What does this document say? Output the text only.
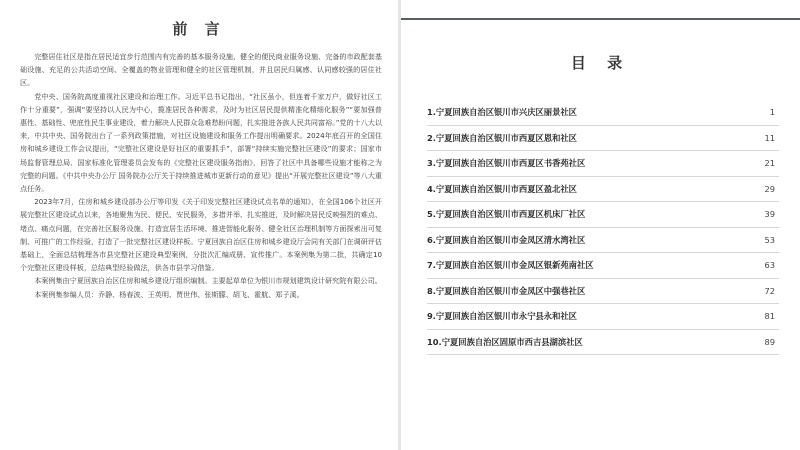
前 言

完整居住社区是指在居民适宜步行范围内有完善的基本服务设施、健全的便民商业服务设施、完备的市政配套基础设施、充足的公共活动空间、全覆盖的物业管理和健全的社区管理机制，并且居民归属感、认同感较强的居住社区。

党中央、国务院高度重视社区建设和治理工作。习近平总书记指出，“社区虽小，但连着千家万户，做好社区工作十分重要”，强调“要坚持以人民为中心，揽准居民各种需求，及时为社区居民提供精准化精细化服务”“要加强普惠性、基础性、兜底性民生事业建设，着力解决人民群众急难愁盼问题，扎实推进各族人民共同富裕。”党的十八大以来，中共中央、国务院出台了一系列政策措施，对社区设施建设和服务工作提出明确要求。2024年底召开的全国住房和城乡建设工作会议提出，“完整社区建设是好社区的重要抓手”，部署“持续实施完整社区建设”的要求；国家市场监督管理总局、国家标准化管理委员会发布的《完整社区建设服务指南》，回答了社区中具备哪些设施才能称之为完整的问题。《中共中央办公厅 国务院办公厅关于持续推进城市更新行动的意见》提出“开展完整社区建设”等八大重点任务。

2023年7月，住房和城乡建设部办公厅等印发《关于印发完整社区建设试点名单的通知》，在全国106个社区开展完整社区建设试点以来，各地聚焦为民、便民、安民服务，多措并举、扎实推进，及时解决居民反映强烈的难点、堵点、痛点问题，在完善社区服务设施、打造宜居生活环境、推进智能化服务、健全社区治理机制等方面探索出可复制、可推广的工作经验，打造了一批完整社区建设样板。宁夏回族自治区住房和城乡建设厅会同有关部门在调研评估基础上，全面总结梳理各市县完整社区建设典型案例，分批次汇编成册、宣传推广。本案例集为第二批，共确定10个完整社区建设样板，总结典型经验做法，供各市县学习借鉴。

本案例集由宁夏回族自治区住房和城乡建设厅组织编制。主要起草单位为银川市规划建筑设计研究院有限公司。

本案例集参编人员：乔静、杨春波、王英明、贾世伟、张斯朦、胡飞、霍航、郑子溪。

目 录
1.宁夏回族自治区银川市兴庆区丽景社区	1
2.宁夏回族自治区银川市西夏区恩和社区	11
3.宁夏回族自治区银川市西夏区书香苑社区	21
4.宁夏回族自治区银川市西夏区盈北社区	29
5.宁夏回族自治区银川市西夏区机床厂社区	39
6.宁夏回族自治区银川市金凤区清水湾社区	53
7.宁夏回族自治区银川市金凤区银新苑南社区	63
8.宁夏回族自治区银川市金凤区中强巷社区	72
9.宁夏回族自治区银川市永宁县永和社区	81
10.宁夏回族自治区固原市西吉县湖滨社区	89
